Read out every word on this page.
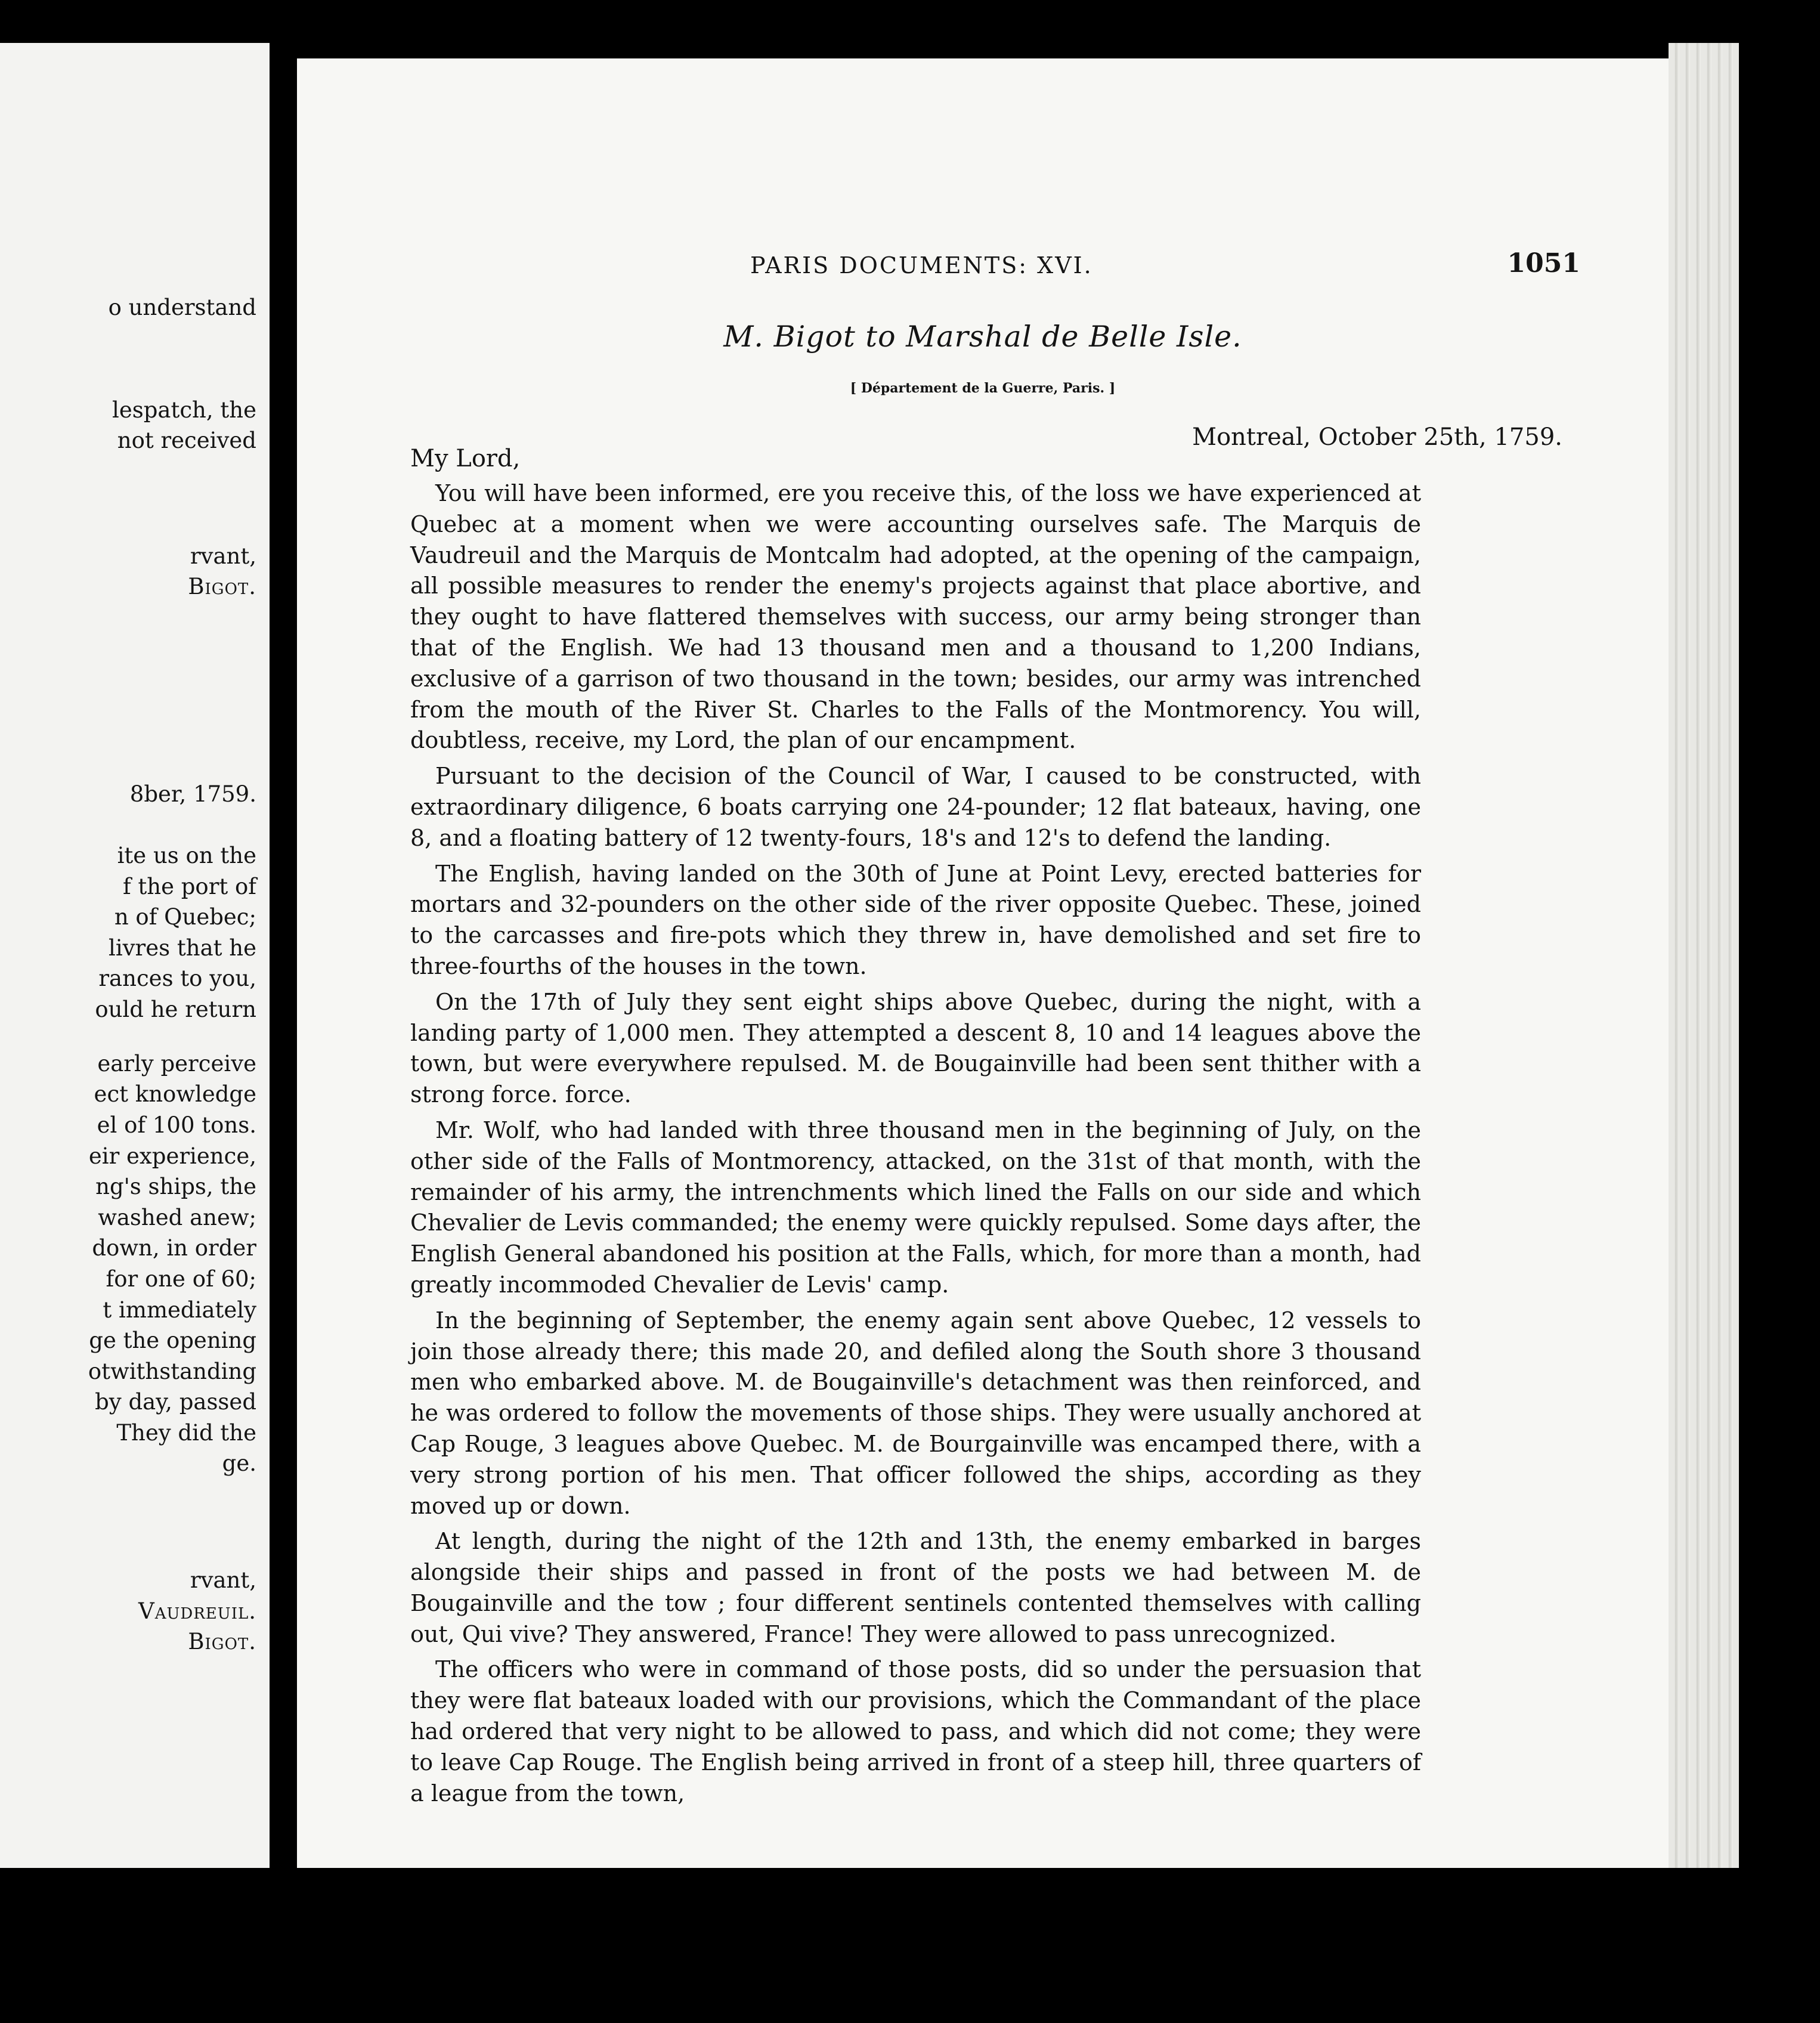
o understand
lespatch, the
not received
rvant,
Bigot.
8ber, 1759.
ite us on the
f the port of
n of Quebec;
livres that he
rances to you,
ould he return
early perceive
ect knowledge
el of 100 tons.
eir experience,
ng's ships, the
washed anew;
down, in order
for one of 60;
t immediately
ge the opening
otwithstanding
by day, passed
They did the
ge.
rvant,
Vaudreuil.
Bigot.
PARIS DOCUMENTS: XVI.	1051
M. Bigot to Marshal de Belle Isle.
[ Département de la Guerre, Paris. ]
Montreal, October 25th, 1759.
My Lord,

You will have been informed, ere you receive this, of the loss we have experienced at Quebec at a moment when we were accounting ourselves safe. The Marquis de Vaudreuil and the Marquis de Montcalm had adopted, at the opening of the campaign, all possible measures to render the enemy's projects against that place abortive, and they ought to have flattered themselves with success, our army being stronger than that of the English. We had 13 thousand men and a thousand to 1,200 Indians, exclusive of a garrison of two thousand in the town; besides, our army was intrenched from the mouth of the River St. Charles to the Falls of the Montmorency. You will, doubtless, receive, my Lord, the plan of our encampment.

Pursuant to the decision of the Council of War, I caused to be constructed, with extraordinary diligence, 6 boats carrying one 24-pounder; 12 flat bateaux, having, one 8, and a floating battery of 12 twenty-fours, 18's and 12's to defend the landing.

The English, having landed on the 30th of June at Point Levy, erected batteries for mortars and 32-pounders on the other side of the river opposite Quebec. These, joined to the carcasses and fire-pots which they threw in, have demolished and set fire to three-fourths of the houses in the town.

On the 17th of July they sent eight ships above Quebec, during the night, with a landing party of 1,000 men. They attempted a descent 8, 10 and 14 leagues above the town, but were everywhere repulsed. M. de Bougainville had been sent thither with a strong force. force.

Mr. Wolf, who had landed with three thousand men in the beginning of July, on the other side of the Falls of Montmorency, attacked, on the 31st of that month, with the remainder of his army, the intrenchments which lined the Falls on our side and which Chevalier de Levis commanded; the enemy were quickly repulsed. Some days after, the English General abandoned his position at the Falls, which, for more than a month, had greatly incommoded Chevalier de Levis' camp.

In the beginning of September, the enemy again sent above Quebec, 12 vessels to join those already there; this made 20, and defiled along the South shore 3 thousand men who embarked above. M. de Bougainville's detachment was then reinforced, and he was ordered to follow the movements of those ships. They were usually anchored at Cap Rouge, 3 leagues above Quebec. M. de Bourgainville was encamped there, with a very strong portion of his men. That officer followed the ships, according as they moved up or down.

At length, during the night of the 12th and 13th, the enemy embarked in barges alongside their ships and passed in front of the posts we had between M. de Bougainville and the tow ; four different sentinels contented themselves with calling out, Qui vive? They answered, France! They were allowed to pass unrecognized.

The officers who were in command of those posts, did so under the persuasion that they were flat bateaux loaded with our provisions, which the Commandant of the place had ordered that very night to be allowed to pass, and which did not come; they were to leave Cap Rouge. The English being arrived in front of a steep hill, three quarters of a league from the town,
